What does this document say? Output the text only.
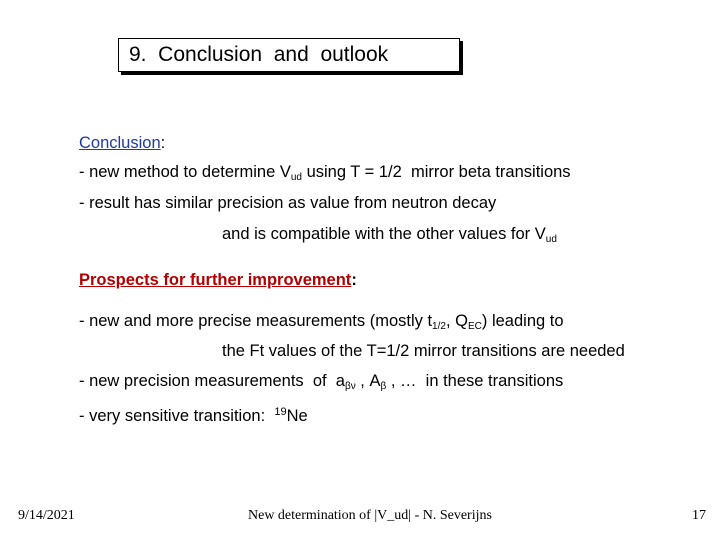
9.  Conclusion  and  outlook
Conclusion:
- new method to determine $V_{ud}$ using T = 1/2  mirror beta transitions
- result has similar precision as value from neutron decay
and is compatible with the other values for $V_{ud}$
Prospects for further improvement:
- new and more precise measurements (mostly $t_{1/2}$, $Q_{EC}$) leading to
the Ft values of the T=1/2 mirror transitions are needed
- new precision measurements  of  $a_{\beta\nu}$ , $A_\beta$ , …  in these transitions
- very sensitive transition:  $^{19}$Ne
9/14/2021	New determination of |V_ud| - N. Severijns	17
